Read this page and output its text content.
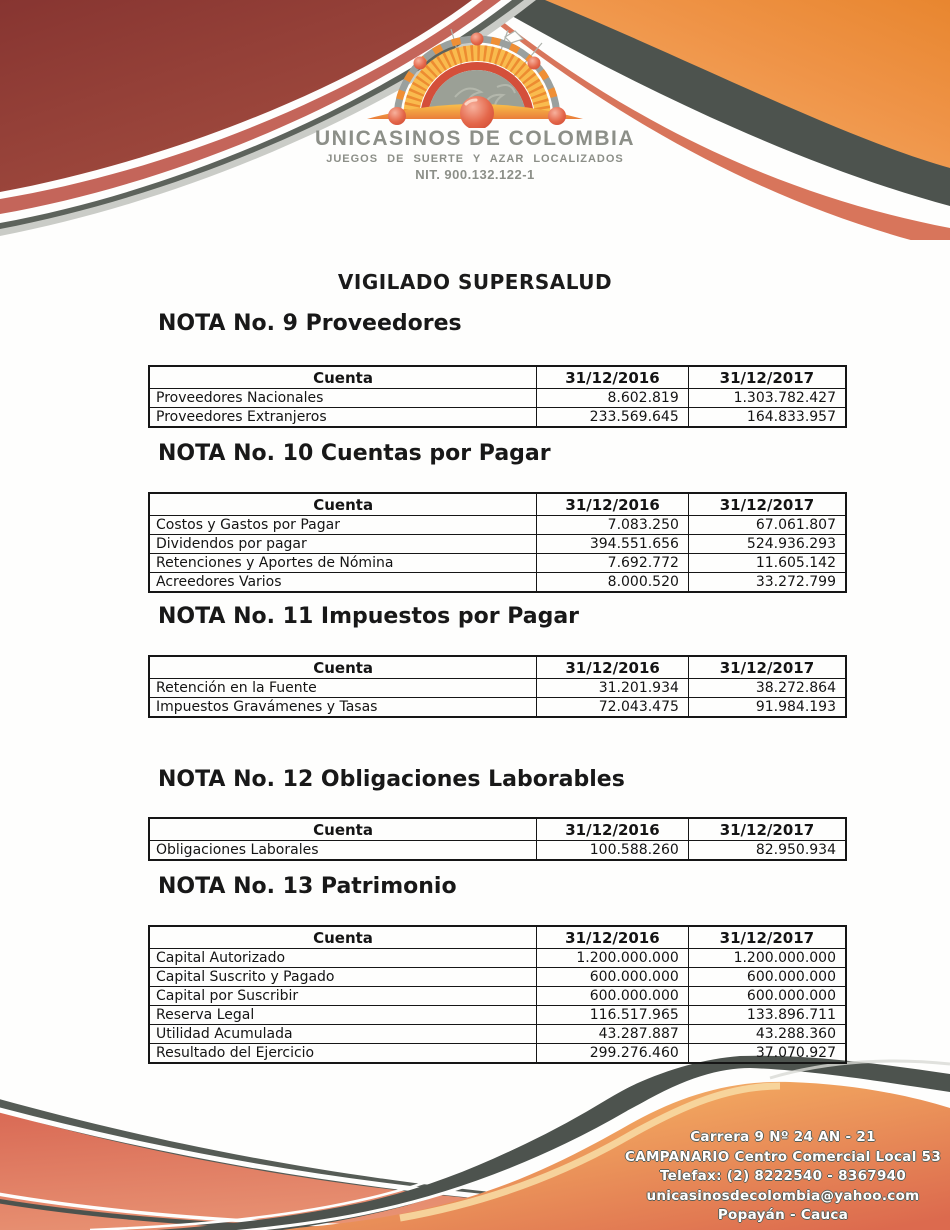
UNICASINOS DE COLOMBIA
JUEGOS DE SUERTE Y AZAR LOCALIZADOS
NIT. 900.132.122-1
VIGILADO SUPERSALUD
NOTA No. 9 Proveedores
Cuenta	31/12/2016	31/12/2017
Proveedores Nacionales	8.602.819	1.303.782.427
Proveedores Extranjeros	233.569.645	164.833.957
NOTA No. 10 Cuentas por Pagar
Cuenta	31/12/2016	31/12/2017
Costos y Gastos por Pagar	7.083.250	67.061.807
Dividendos por pagar	394.551.656	524.936.293
Retenciones y Aportes de Nómina	7.692.772	11.605.142
Acreedores Varios	8.000.520	33.272.799
NOTA No. 11 Impuestos por Pagar
Cuenta	31/12/2016	31/12/2017
Retención en la Fuente	31.201.934	38.272.864
Impuestos Gravámenes y Tasas	72.043.475	91.984.193
NOTA No. 12 Obligaciones Laborables
Cuenta	31/12/2016	31/12/2017
Obligaciones Laborales	100.588.260	82.950.934
NOTA No. 13 Patrimonio
Cuenta	31/12/2016	31/12/2017
Capital Autorizado	1.200.000.000	1.200.000.000
Capital Suscrito y Pagado	600.000.000	600.000.000
Capital por Suscribir	600.000.000	600.000.000
Reserva Legal	116.517.965	133.896.711
Utilidad Acumulada	43.287.887	43.288.360
Resultado del Ejercicio	299.276.460	37.070.927
Carrera 9 Nº 24 AN - 21
CAMPANARIO Centro Comercial Local 53
Telefax: (2) 8222540 - 8367940
unicasinosdecolombia@yahoo.com
Popayán - Cauca
